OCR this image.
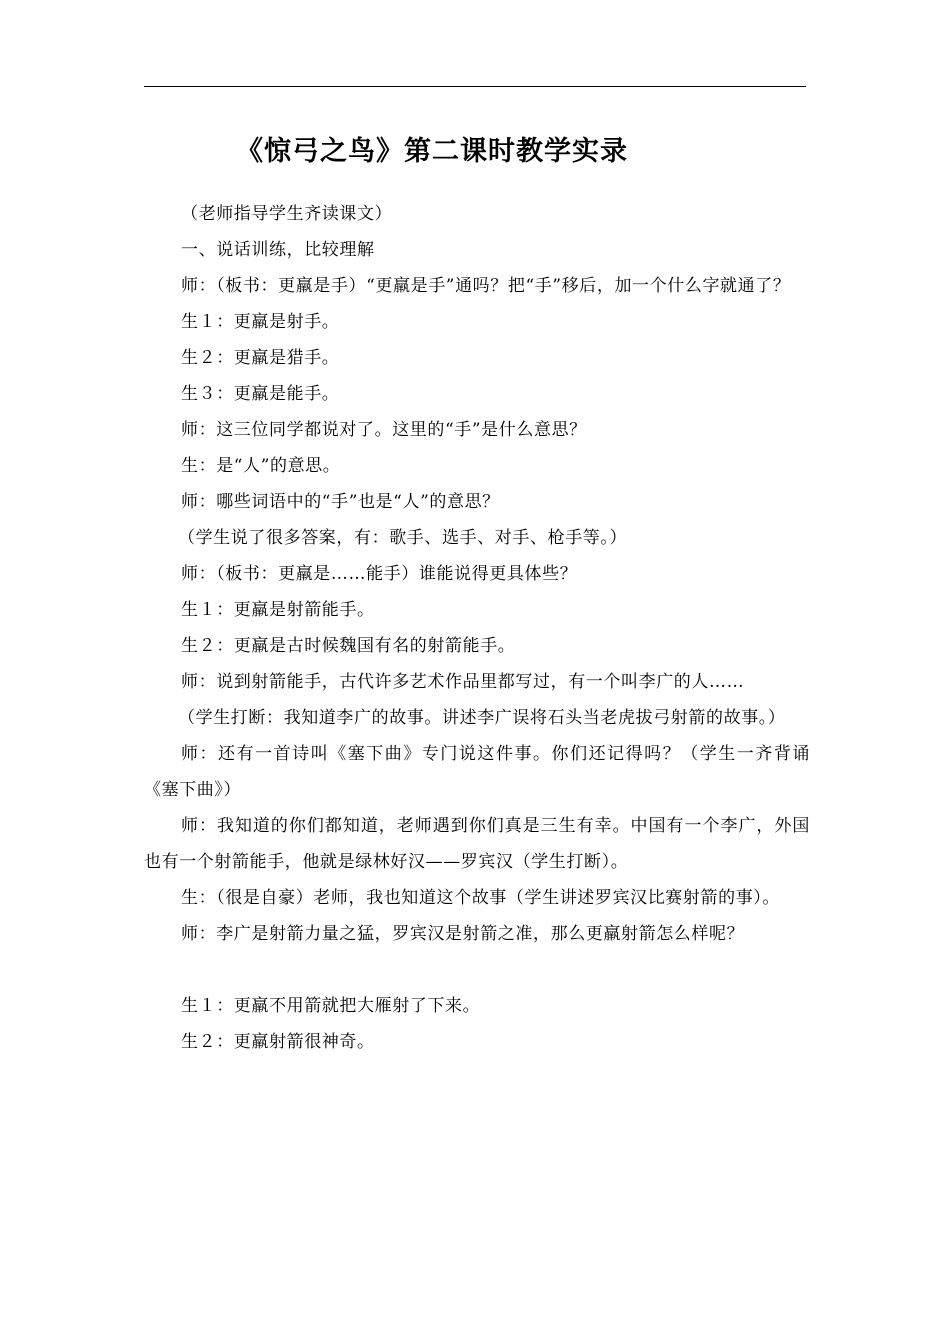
《惊弓之鸟》第二课时教学实录

（老师指导学生齐读课文）

一、说话训练，比较理解

师：（板书：更羸是手）“更羸是手”通吗？把“手”移后，加一个什么字就通了？

生１：更羸是射手。

生２：更羸是猎手。

生３：更羸是能手。

师：这三位同学都说对了。这里的“手”是什么意思？

生：是“人”的意思。

师：哪些词语中的“手”也是“人”的意思？

（学生说了很多答案，有：歌手、选手、对手、枪手等。）

师：（板书：更羸是……能手）谁能说得更具体些？

生１：更羸是射箭能手。

生２：更羸是古时候魏国有名的射箭能手。

师：说到射箭能手，古代许多艺术作品里都写过，有一个叫李广的人……

（学生打断：我知道李广的故事。讲述李广误将石头当老虎拔弓射箭的故事。）

师：还有一首诗叫《塞下曲》专门说这件事。你们还记得吗？（学生一齐背诵《塞下曲》）

师：我知道的你们都知道，老师遇到你们真是三生有幸。中国有一个李广，外国也有一个射箭能手，他就是绿林好汉——罗宾汉（学生打断）。

生：（很是自豪）老师，我也知道这个故事（学生讲述罗宾汉比赛射箭的事）。

师：李广是射箭力量之猛，罗宾汉是射箭之准，那么更羸射箭怎么样呢？

生１：更羸不用箭就把大雁射了下来。

生２：更羸射箭很神奇。
